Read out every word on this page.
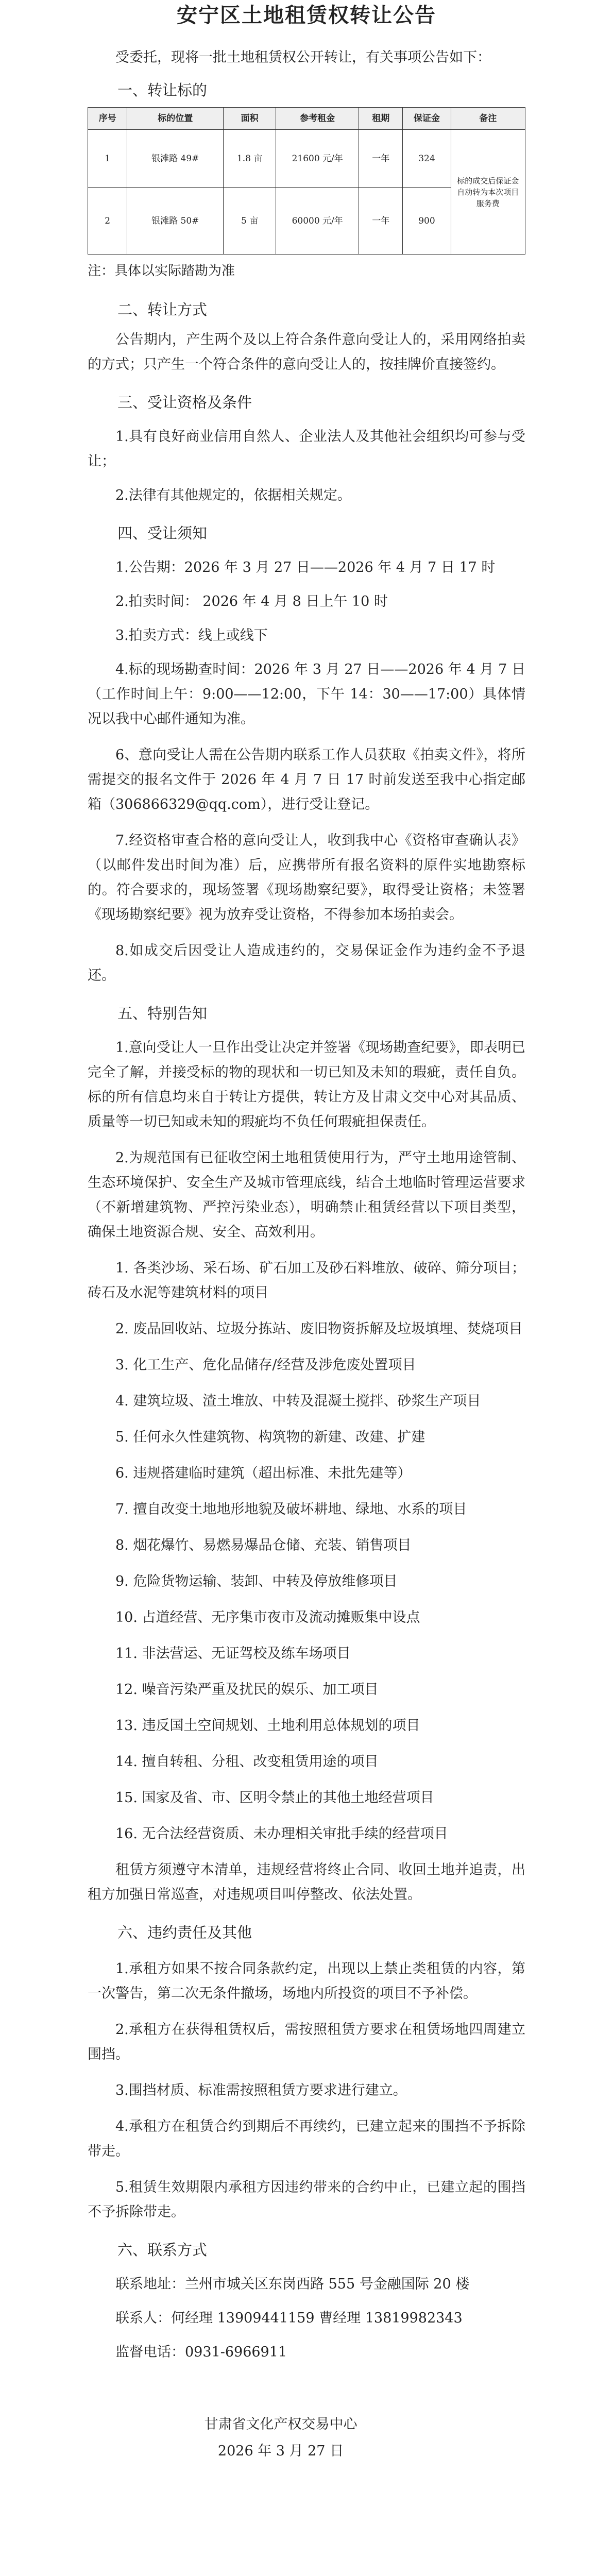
安宁区土地租赁权转让公告

受委托，现将一批土地租赁权公开转让，有关事项公告如下：

一、转让标的
序号	标的位置	面积	参考租金	租期	保证金	备注
1	银滩路 49#	1.8 亩	21600 元/年	一年	324	标的成交后保证金自动转为本次项目服务费
2	银滩路 50#	5 亩	60000 元/年	一年	900	

注：具体以实际踏勘为准

二、转让方式

公告期内，产生两个及以上符合条件意向受让人的，采用网络拍卖的方式；只产生一个符合条件的意向受让人的，按挂牌价直接签约。

三、受让资格及条件

1.具有良好商业信用自然人、企业法人及其他社会组织均可参与受让；

2.法律有其他规定的，依据相关规定。

四、受让须知

1.公告期：2026 年 3 月 27 日——2026 年 4 月 7 日 17 时

2.拍卖时间： 2026 年 4 月 8 日上午 10 时

3.拍卖方式：线上或线下

4.标的现场勘查时间：2026 年 3 月 27 日——2026 年 4 月 7 日（工作时间上午：9:00——12:00，下午 14：30——17:00）具体情况以我中心邮件通知为准。

6、意向受让人需在公告期内联系工作人员获取《拍卖文件》，将所需提交的报名文件于 2026 年 4 月 7 日 17 时前发送至我中心指定邮箱（306866329@qq.com），进行受让登记。

7.经资格审查合格的意向受让人，收到我中心《资格审查确认表》（以邮件发出时间为准）后，应携带所有报名资料的原件实地勘察标的。符合要求的，现场签署《现场勘察纪要》，取得受让资格；未签署《现场勘察纪要》视为放弃受让资格，不得参加本场拍卖会。

8.如成交后因受让人造成违约的，交易保证金作为违约金不予退还。

五、特别告知

1.意向受让人一旦作出受让决定并签署《现场勘查纪要》，即表明已完全了解，并接受标的物的现状和一切已知及未知的瑕疵，责任自负。标的所有信息均来自于转让方提供，转让方及甘肃文交中心对其品质、质量等一切已知或未知的瑕疵均不负任何瑕疵担保责任。

2.为规范国有已征收空闲土地租赁使用行为，严守土地用途管制、生态环境保护、安全生产及城市管理底线，结合土地临时管理运营要求（不新增建筑物、严控污染业态），明确禁止租赁经营以下项目类型，确保土地资源合规、安全、高效利用。

1. 各类沙场、采石场、矿石加工及砂石料堆放、破碎、筛分项目；砖石及水泥等建筑材料的项目

2. 废品回收站、垃圾分拣站、废旧物资拆解及垃圾填埋、焚烧项目

3. 化工生产、危化品储存/经营及涉危废处置项目

4. 建筑垃圾、渣土堆放、中转及混凝土搅拌、砂浆生产项目

5. 任何永久性建筑物、构筑物的新建、改建、扩建

6. 违规搭建临时建筑（超出标准、未批先建等）

7. 擅自改变土地地形地貌及破坏耕地、绿地、水系的项目

8. 烟花爆竹、易燃易爆品仓储、充装、销售项目

9. 危险货物运输、装卸、中转及停放维修项目

10. 占道经营、无序集市夜市及流动摊贩集中设点

11. 非法营运、无证驾校及练车场项目

12. 噪音污染严重及扰民的娱乐、加工项目

13. 违反国土空间规划、土地利用总体规划的项目

14. 擅自转租、分租、改变租赁用途的项目

15. 国家及省、市、区明令禁止的其他土地经营项目

16. 无合法经营资质、未办理相关审批手续的经营项目

租赁方须遵守本清单，违规经营将终止合同、收回土地并追责，出租方加强日常巡查，对违规项目叫停整改、依法处置。

六、违约责任及其他

1.承租方如果不按合同条款约定，出现以上禁止类租赁的内容，第一次警告，第二次无条件撤场，场地内所投资的项目不予补偿。

2.承租方在获得租赁权后，需按照租赁方要求在租赁场地四周建立围挡。

3.围挡材质、标准需按照租赁方要求进行建立。

4.承租方在租赁合约到期后不再续约，已建立起来的围挡不予拆除带走。

5.租赁生效期限内承租方因违约带来的合约中止，已建立起的围挡不予拆除带走。

六、联系方式

联系地址：兰州市城关区东岗西路 555 号金融国际 20 楼

联系人：何经理 13909441159 曹经理 13819982343

监督电话：0931-6966911

甘肃省文化产权交易中心

2026 年 3 月 27 日
